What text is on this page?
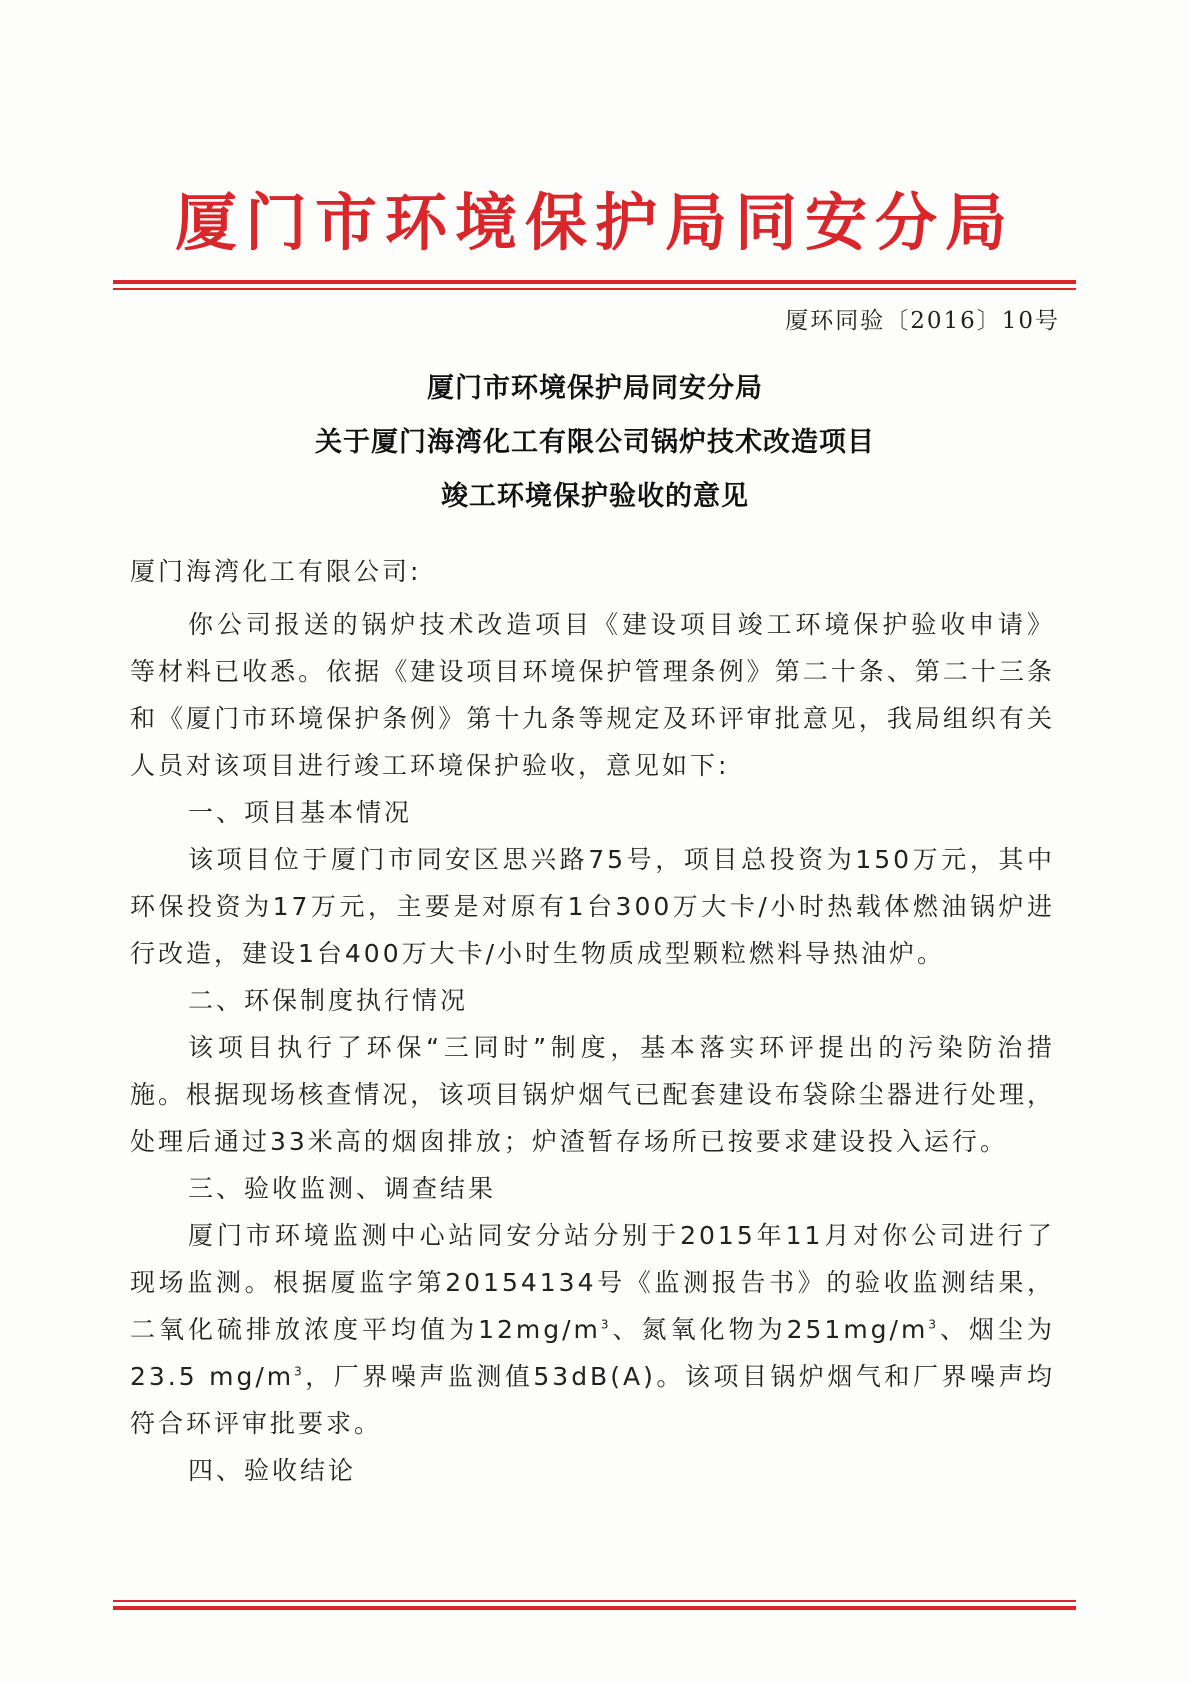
厦门市环境保护局同安分局
厦环同验〔2016〕10号
厦门市环境保护局同安分局
关于厦门海湾化工有限公司锅炉技术改造项目
竣工环境保护验收的意见

厦门海湾化工有限公司:

你公司报送的锅炉技术改造项目《建设项目竣工环境保护验收申请》等材料已收悉。依据《建设项目环境保护管理条例》第二十条、第二十三条和《厦门市环境保护条例》第十九条等规定及环评审批意见，我局组织有关人员对该项目进行竣工环境保护验收，意见如下:

一、项目基本情况

该项目位于厦门市同安区思兴路75号，项目总投资为150万元，其中环保投资为17万元，主要是对原有1台300万大卡/小时热载体燃油锅炉进行改造，建设1台400万大卡/小时生物质成型颗粒燃料导热油炉。

二、环保制度执行情况

该项目执行了环保“三同时”制度，基本落实环评提出的污染防治措施。根据现场核查情况，该项目锅炉烟气已配套建设布袋除尘器进行处理，处理后通过33米高的烟囱排放；炉渣暂存场所已按要求建设投入运行。

三、验收监测、调查结果

厦门市环境监测中心站同安分站分别于2015年11月对你公司进行了现场监测。根据厦监字第20154134号《监测报告书》的验收监测结果，二氧化硫排放浓度平均值为$12mg/m^3$、氮氧化物为$251mg/m^3$、烟尘为23.5 $mg/m^3$，厂界噪声监测值53dB(A)。该项目锅炉烟气和厂界噪声均符合环评审批要求。

四、验收结论
